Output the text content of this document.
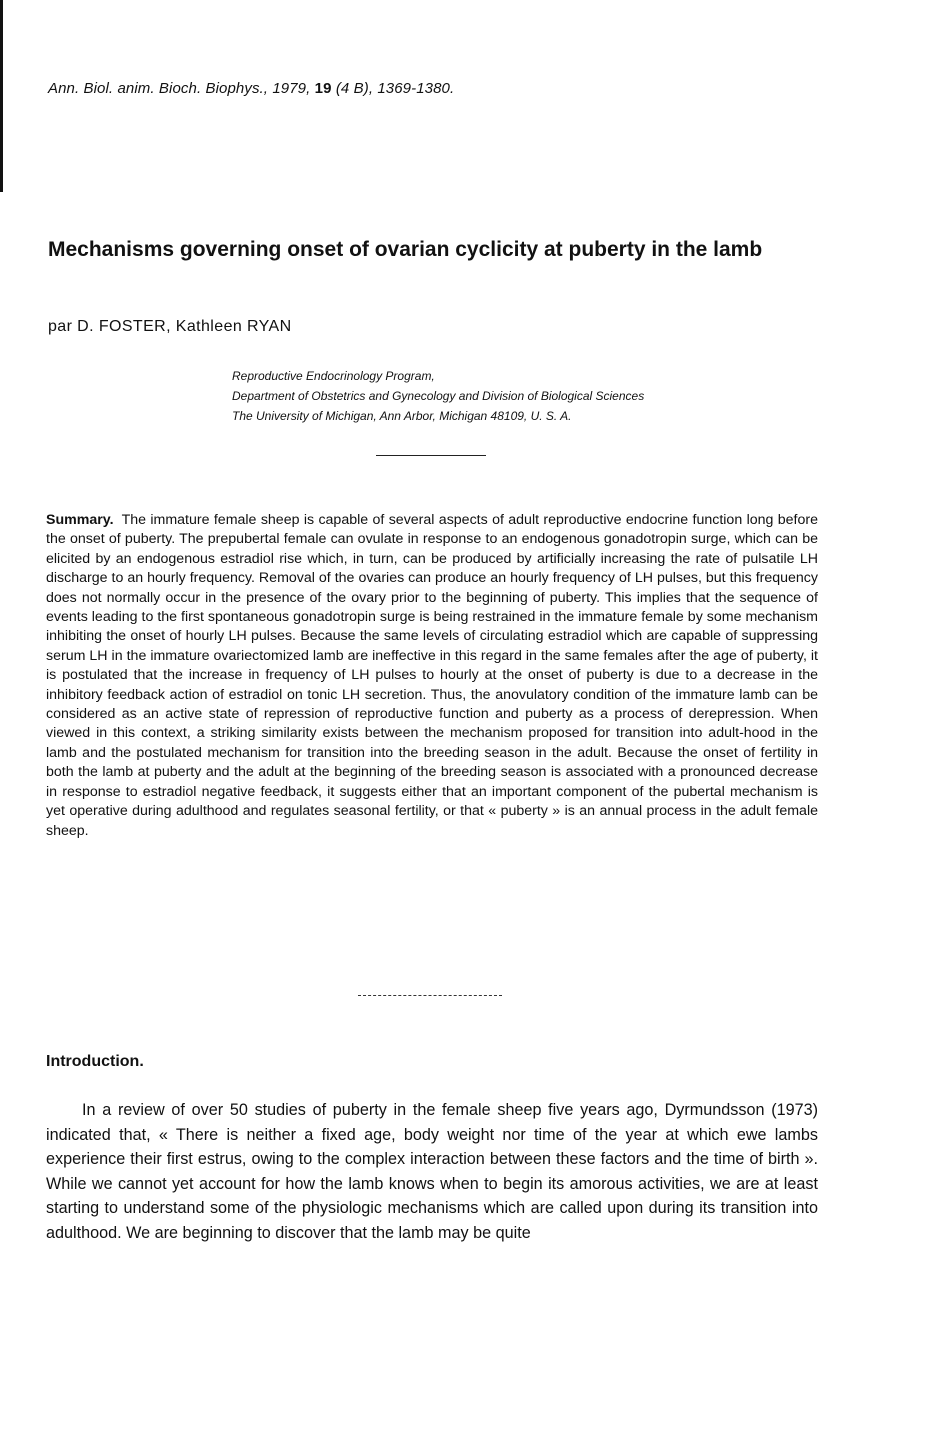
Ann. Biol. anim. Bioch. Biophys., 1979, 19 (4 B), 1369-1380.
Mechanisms governing onset of ovarian cyclicity at puberty in the lamb
par D. FOSTER, Kathleen RYAN
Reproductive Endocrinology Program,
Department of Obstetrics and Gynecology and Division of Biological Sciences
The University of Michigan, Ann Arbor, Michigan 48109, U. S. A.

Summary. The immature female sheep is capable of several aspects of adult reproductive endocrine function long before the onset of puberty. The prepubertal female can ovulate in response to an endogenous gonadotropin surge, which can be elicited by an endogenous estradiol rise which, in turn, can be produced by artificially increasing the rate of pulsatile LH discharge to an hourly frequency. Removal of the ovaries can produce an hourly frequency of LH pulses, but this frequency does not normally occur in the presence of the ovary prior to the beginning of puberty. This implies that the sequence of events leading to the first spontaneous gonadotropin surge is being restrained in the immature female by some mechanism inhibiting the onset of hourly LH pulses. Because the same levels of circulating estradiol which are capable of suppressing serum LH in the immature ovariectomized lamb are ineffective in this regard in the same females after the age of puberty, it is postulated that the increase in frequency of LH pulses to hourly at the onset of puberty is due to a decrease in the inhibitory feedback action of estradiol on tonic LH secretion. Thus, the anovulatory condition of the immature lamb can be considered as an active state of repression of reproductive function and puberty as a process of derepression. When viewed in this context, a striking similarity exists between the mechanism proposed for transition into adult-hood in the lamb and the postulated mechanism for transition into the breeding season in the adult. Because the onset of fertility in both the lamb at puberty and the adult at the beginning of the breeding season is associated with a pronounced decrease in response to estradiol negative feedback, it suggests either that an important component of the pubertal mechanism is yet operative during adulthood and regulates seasonal fertility, or that « puberty » is an annual process in the adult female sheep.

Introduction.

In a review of over 50 studies of puberty in the female sheep five years ago, Dyrmundsson (1973) indicated that, « There is neither a fixed age, body weight nor time of the year at which ewe lambs experience their first estrus, owing to the complex interaction between these factors and the time of birth ». While we cannot yet account for how the lamb knows when to begin its amorous activities, we are at least starting to understand some of the physiologic mechanisms which are called upon during its transition into adulthood. We are beginning to discover that the lamb may be quite
